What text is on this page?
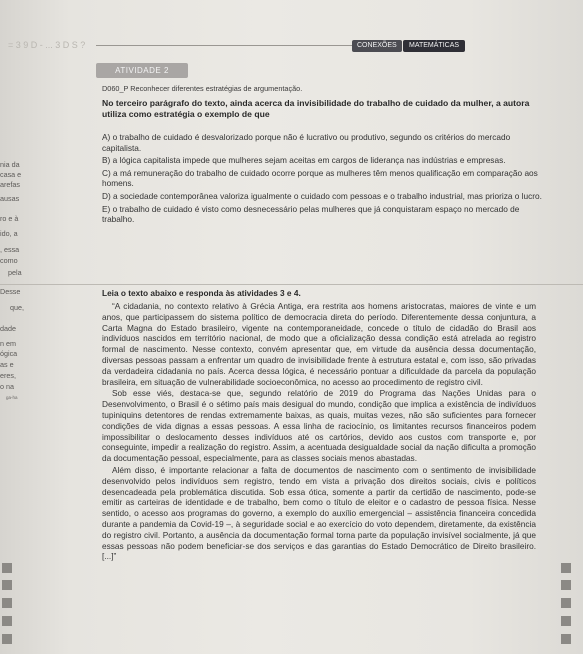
= 3 9 D - ... 3 D S ?	CONEXÕES	MATEMÁTICAS
nia da
casa e
arefas
ausas
ro e à
ido, a
, essa
como
pela
Desse
que,
dade
n em
ógica
as e
eres,
o na
ga-ha
ATIVIDADE 2
D060_P Reconhecer diferentes estratégias de argumentação.
No terceiro parágrafo do texto, ainda acerca da invisibilidade do trabalho de cuidado da mulher, a autora utiliza como estratégia o exemplo de que
A) o trabalho de cuidado é desvalorizado porque não é lucrativo ou produtivo, segundo os critérios do mercado capitalista.
B) a lógica capitalista impede que mulheres sejam aceitas em cargos de liderança nas indústrias e empresas.
C) a má remuneração do trabalho de cuidado ocorre porque as mulheres têm menos qualificação em comparação aos homens.
D) a sociedade contemporânea valoriza igualmente o cuidado com pessoas e o trabalho industrial, mas prioriza o lucro.
E) o trabalho de cuidado é visto como desnecessário pelas mulheres que já conquistaram espaço no mercado de trabalho.
Leia o texto abaixo e responda às atividades 3 e 4.

“A cidadania, no contexto relativo à Grécia Antiga, era restrita aos homens aristocratas, maiores de vinte e um anos, que participassem do sistema político de democracia direta do período. Diferentemente dessa conjuntura, a Carta Magna do Estado brasileiro, vigente na contemporaneidade, concede o título de cidadão do Brasil aos indivíduos nascidos em território nacional, de modo que a oficialização dessa condição está atrelada ao registro formal de nascimento. Nesse contexto, convém apresentar que, em virtude da ausência dessa documentação, diversas pessoas passam a enfrentar um quadro de invisibilidade frente à estrutura estatal e, com isso, são privadas da verdadeira cidadania no país. Acerca dessa lógica, é necessário pontuar a dificuldade da parcela da população brasileira, em situação de vulnerabilidade socioeconômica, no acesso ao procedimento de registro civil.

Sob esse viés, destaca-se que, segundo relatório de 2019 do Programa das Nações Unidas para o Desenvolvimento, o Brasil é o sétimo país mais desigual do mundo, condição que implica a existência de indivíduos tupiniquins detentores de rendas extremamente baixas, as quais, muitas vezes, não são suficientes para fornecer condições de vida dignas a essas pessoas. A essa linha de raciocínio, os limitantes recursos financeiros podem impossibilitar o deslocamento desses indivíduos até os cartórios, devido aos custos com transporte e, por conseguinte, impedir a realização do registro. Assim, a acentuada desigualdade social da nação dificulta a promoção da documentação pessoal, especialmente, para as classes sociais menos abastadas.

Além disso, é importante relacionar a falta de documentos de nascimento com o sentimento de invisibilidade desenvolvido pelos indivíduos sem registro, tendo em vista a privação dos direitos sociais, civis e políticos desencadeada pela problemática discutida. Sob essa ótica, somente a partir da certidão de nascimento, pode-se emitir as carteiras de identidade e de trabalho, bem como o título de eleitor e o cadastro de pessoa física. Nesse sentido, o acesso aos programas do governo, a exemplo do auxílio emergencial – assistência financeira concedida durante a pandemia da Covid-19 –, à seguridade social e ao exercício do voto dependem, diretamente, da existência do registro civil. Portanto, a ausência da documentação formal torna parte da população invisível socialmente, já que essas pessoas não podem beneficiar-se dos serviços e das garantias do Estado Democrático de Direito brasileiro. [...]”
